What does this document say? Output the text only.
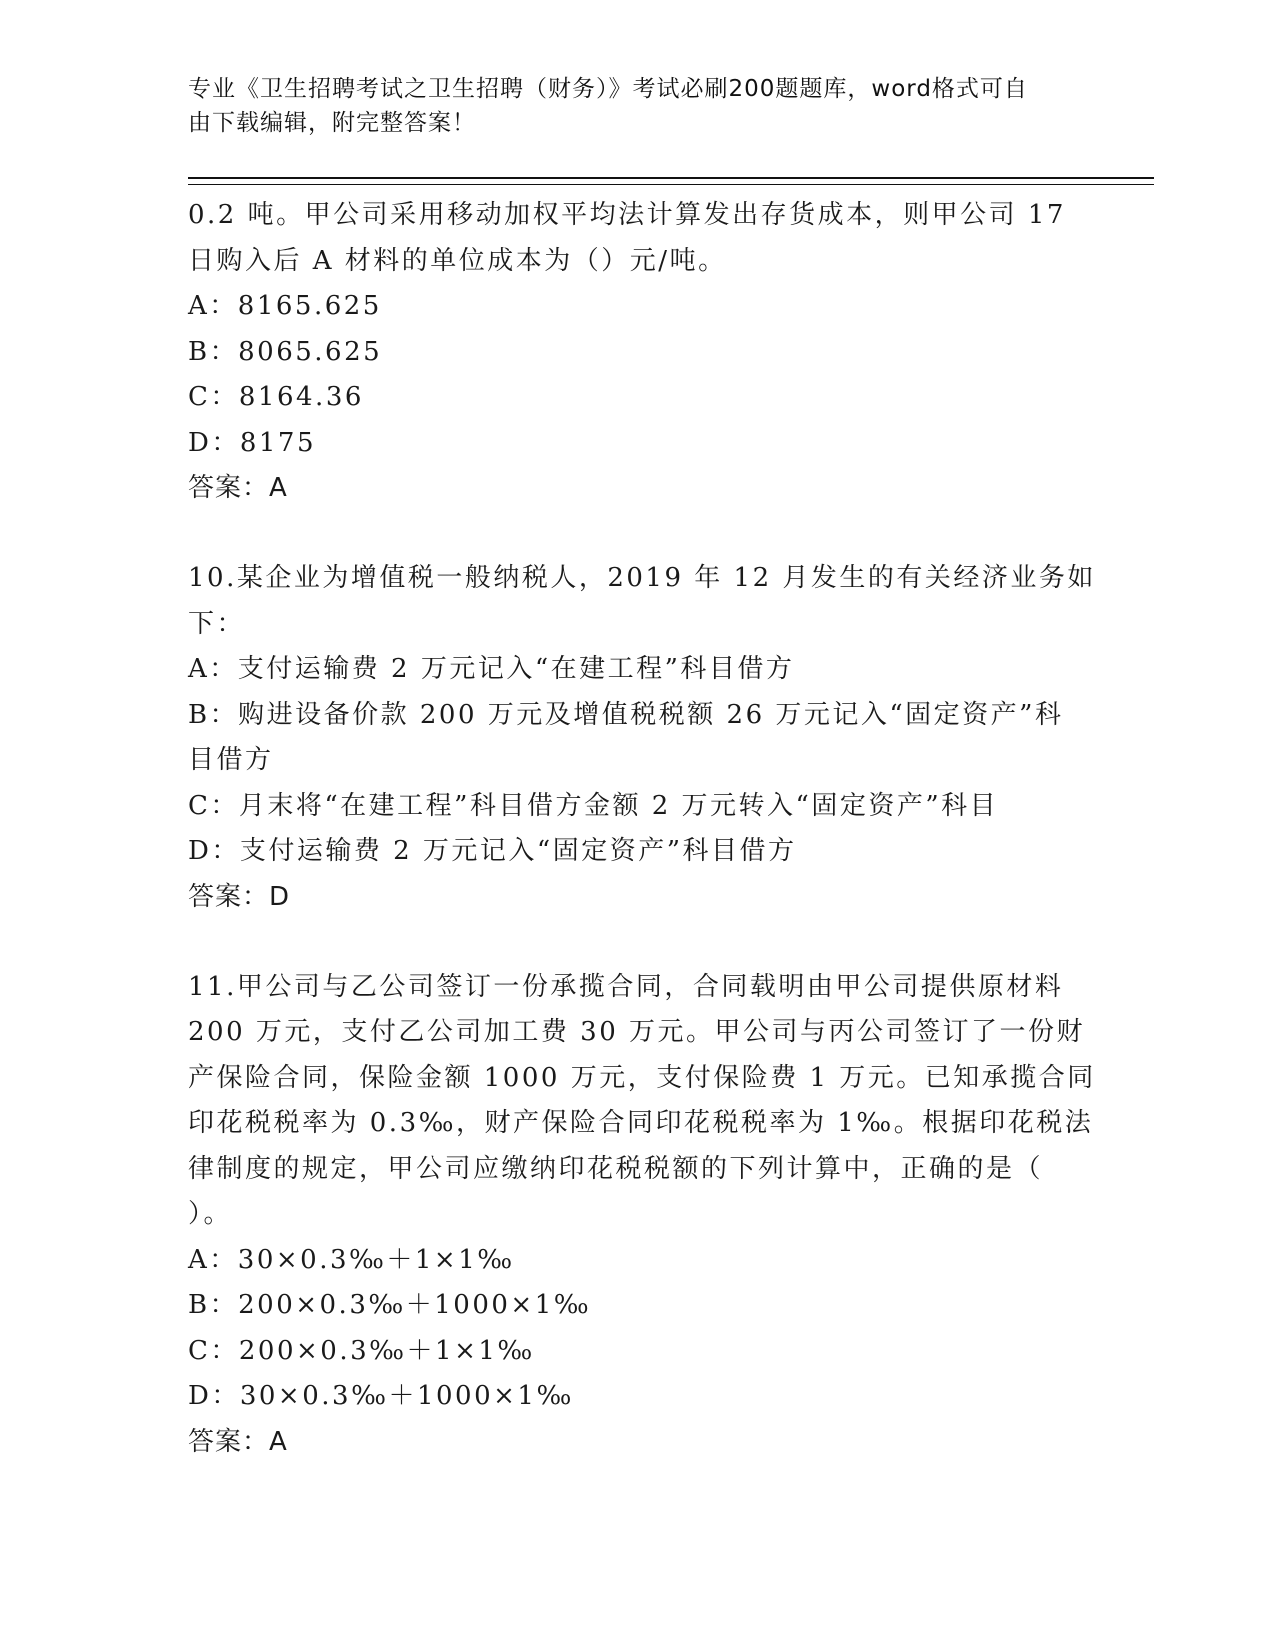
专业《卫生招聘考试之卫生招聘（财务）》考试必刷200题题库，word格式可自
由下载编辑，附完整答案！
0.2 吨。甲公司采用移动加权平均法计算发出存货成本，则甲公司 17
日购入后 A 材料的单位成本为（）元/吨。
A：8165.625
B：8065.625
C：8164.36
D：8175
答案：A
10.某企业为增值税一般纳税人，2019 年 12 月发生的有关经济业务如
下：
A：支付运输费 2 万元记入“在建工程”科目借方
B：购进设备价款 200 万元及增值税税额 26 万元记入“固定资产”科
目借方
C：月末将“在建工程”科目借方金额 2 万元转入“固定资产”科目
D：支付运输费 2 万元记入“固定资产”科目借方
答案：D
11.甲公司与乙公司签订一份承揽合同，合同载明由甲公司提供原材料
200 万元，支付乙公司加工费 30 万元。甲公司与丙公司签订了一份财
产保险合同，保险金额 1000 万元，支付保险费 1 万元。已知承揽合同
印花税税率为 0.3‰，财产保险合同印花税税率为 1‰。根据印花税法
律制度的规定，甲公司应缴纳印花税税额的下列计算中，正确的是（
）。
A：30×0.3‰＋1×1‰
B：200×0.3‰＋1000×1‰
C：200×0.3‰＋1×1‰
D：30×0.3‰＋1000×1‰
答案：A
